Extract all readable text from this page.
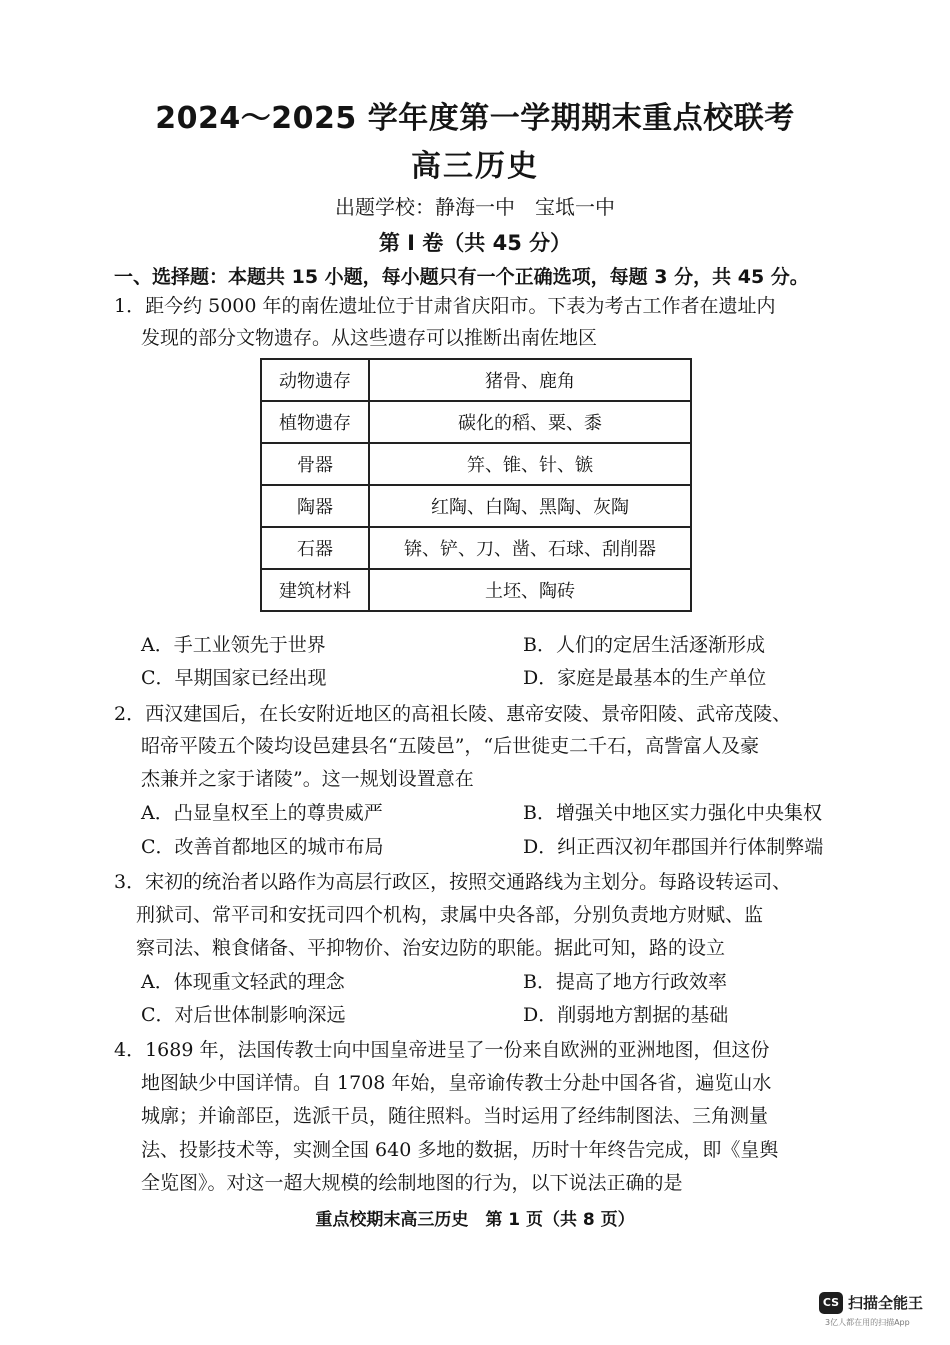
2024～2025 学年度第一学期期末重点校联考
高三历史
出题学校：静海一中　宝坻一中
第 Ⅰ 卷（共 45 分）
一、选择题：本题共 15 小题，每小题只有一个正确选项，每题 3 分，共 45 分。
1．距今约 5000 年的南佐遗址位于甘肃省庆阳市。下表为考古工作者在遗址内
发现的部分文物遗存。从这些遗存可以推断出南佐地区
动物遗存	猪骨、鹿角
植物遗存	碳化的稻、粟、黍
骨器	笄、锥、针、镞
陶器	红陶、白陶、黑陶、灰陶
石器	锛、铲、刀、凿、石球、刮削器
建筑材料	土坯、陶砖
A．手工业领先于世界	B．人们的定居生活逐渐形成
C．早期国家已经出现	D．家庭是最基本的生产单位
2．西汉建国后，在长安附近地区的高祖长陵、惠帝安陵、景帝阳陵、武帝茂陵、
昭帝平陵五个陵均设邑建县名“五陵邑”，“后世徙吏二千石，高訾富人及豪
杰兼并之家于诸陵”。这一规划设置意在
A．凸显皇权至上的尊贵威严	B．增强关中地区实力强化中央集权
C．改善首都地区的城市布局	D．纠正西汉初年郡国并行体制弊端
3．宋初的统治者以路作为高层行政区，按照交通路线为主划分。每路设转运司、
刑狱司、常平司和安抚司四个机构，隶属中央各部，分别负责地方财赋、监
察司法、粮食储备、平抑物价、治安边防的职能。据此可知，路的设立
A．体现重文轻武的理念	B．提高了地方行政效率
C．对后世体制影响深远	D．削弱地方割据的基础
4．1689 年，法国传教士向中国皇帝进呈了一份来自欧洲的亚洲地图，但这份
地图缺少中国详情。自 1708 年始，皇帝谕传教士分赴中国各省，遍览山水
城廓；并谕部臣，选派干员，随往照料。当时运用了经纬制图法、三角测量
法、投影技术等，实测全国 640 多地的数据，历时十年终告完成，即《皇舆
全览图》。对这一超大规模的绘制地图的行为，以下说法正确的是
重点校期末高三历史　第 1 页（共 8 页）
CS 扫描全能王
3亿人都在用的扫描App
